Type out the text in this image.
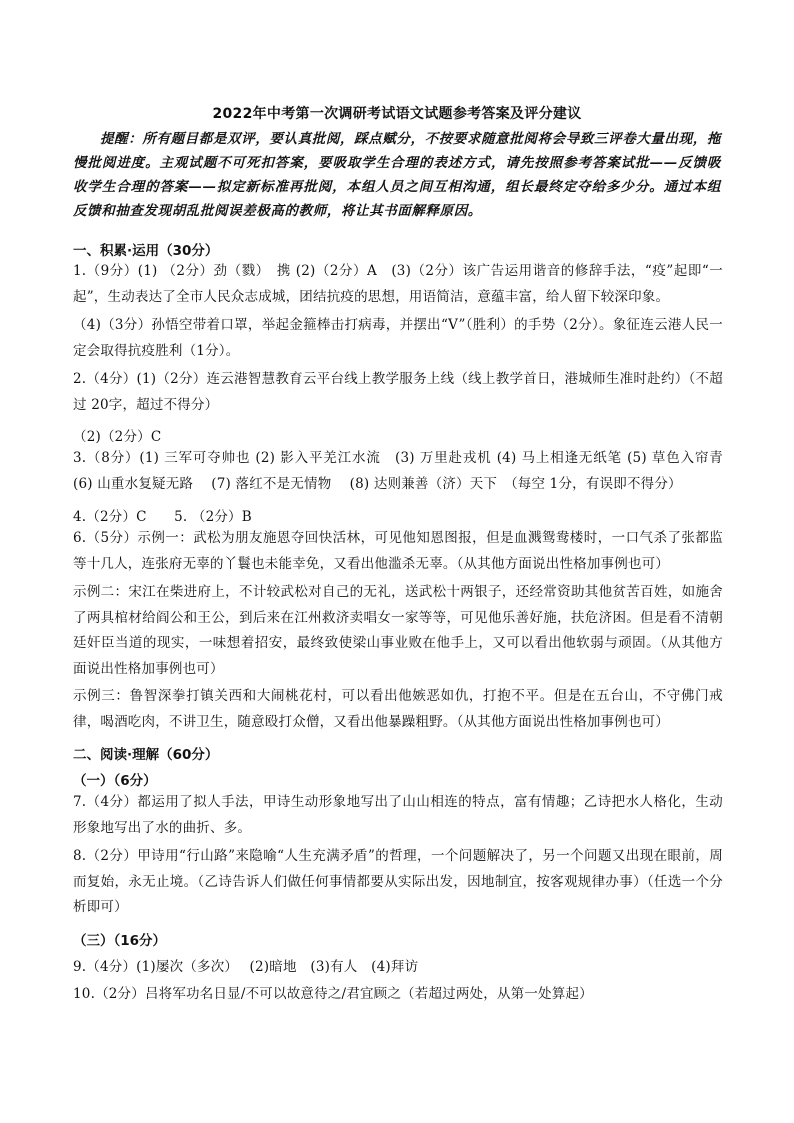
2022年中考第一次调研考试语文试题参考答案及评分建议
提醒：所有题目都是双评，要认真批阅，踩点赋分，不按要求随意批阅将会导致三评卷大量出现，拖慢批阅进度。主观试题不可死扣答案，要吸取学生合理的表述方式，请先按照参考答案试批——反馈吸收学生合理的答案——拟定新标准再批阅，本组人员之间互相沟通，组长最终定夺给多少分。通过本组反馈和抽查发现胡乱批阅误差极高的教师，将让其书面解释原因。
一、积累·运用（30分）
1.（9分）(1) （2分）劲（戮）　携 (2)（2分）A　(3)（2分）该广告运用谐音的修辞手法，“疫”起即“一起”，生动表达了全市人民众志成城，团结抗疫的思想，用语简洁，意蕴丰富，给人留下较深印象。
（4)（3分）孙悟空带着口罩，举起金箍棒击打病毒，并摆出“V”（胜利）的手势（2分）。象征连云港人民一定会取得抗疫胜利（1分）。
2.（4分）(1)（2分）连云港智慧教育云平台线上教学服务上线（线上教学首日，港城师生准时赴约）（不超过 20字，超过不得分）
（2)（2分）C
3.（8分）(1) 三军可夺帅也 (2) 影入平羌江水流　(3) 万里赴戎机 (4) 马上相逢无纸笔 (5) 草色入帘青　(6) 山重水复疑无路　 (7) 落红不是无情物　 (8) 达则兼善（济）天下　（每空 1分，有误即不得分）
4.（2分）C　　5. （2分）B
6.（5分）示例一：武松为朋友施恩夺回快活林，可见他知恩图报，但是血溅鸳鸯楼时，一口气杀了张都监等十几人，连张府无辜的丫鬟也未能幸免，又看出他滥杀无辜。（从其他方面说出性格加事例也可）
示例二：宋江在柴进府上，不计较武松对自己的无礼，送武松十两银子，还经常资助其他贫苦百姓，如施舍了两具棺材给阎公和王公，到后来在江州救济卖唱女一家等等，可见他乐善好施，扶危济困。但是看不清朝廷奸臣当道的现实，一味想着招安，最终致使梁山事业败在他手上，又可以看出他软弱与顽固。（从其他方面说出性格加事例也可）
示例三：鲁智深拳打镇关西和大闹桃花村，可以看出他嫉恶如仇，打抱不平。但是在五台山，不守佛门戒律，喝酒吃肉，不讲卫生，随意殴打众僧，又看出他暴躁粗野。（从其他方面说出性格加事例也可）
二、阅读·理解（60分）
（一）（6分）
7.（4分）都运用了拟人手法，甲诗生动形象地写出了山山相连的特点，富有情趣；乙诗把水人格化，生动形象地写出了水的曲折、多。
8.（2分）甲诗用“行山路”来隐喻“人生充满矛盾”的哲理，一个问题解决了，另一个问题又出现在眼前，周而复始，永无止境。（乙诗告诉人们做任何事情都要从实际出发，因地制宜，按客观规律办事）（任选一个分析即可）
（三）（16分）
9.（4分）(1)屡次（多次）　 (2)暗地　(3)有人　(4)拜访
10.（2分）吕将军功名日显/不可以故意待之/君宜顾之（若超过两处，从第一处算起）
